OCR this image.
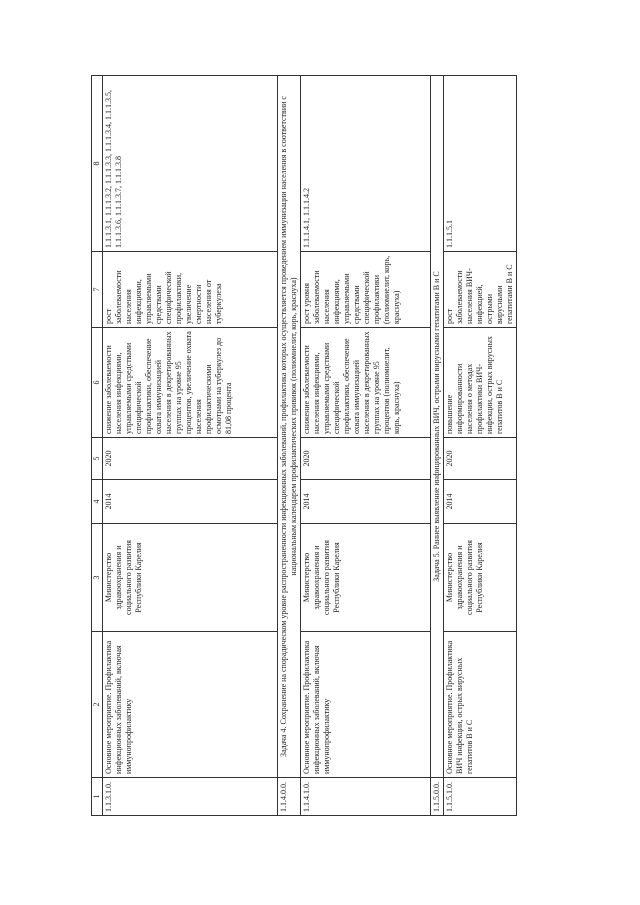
1	2	3	4	5	6	7	8
1.1.3.1.0.	Основное мероприятие. Профилактика инфекционных заболеваний, включая иммунопрофилактику	Министерство здравоохранения и социального развития Республики Карелия	2014	2020	снижение заболеваемости населения инфекциями, управляемыми средствами специфической профилактики, обеспечение охвата иммунизацией населения в декретированных группах на уровне 95 процентов, увеличение охвата населения профилактическими осмотрами на туберкулез до 81,08 процента	рост заболеваемости населения инфекциями, управляемыми средствами специфической профилактики, увеличение смертности населения от туберкулеза	1.1.1.3.1, 1.1.1.3.2, 1.1.1.3.3, 1.1.1.3.4, 1.1.1.3.5, 1.1.1.3.6, 1.1.1.3.7, 1.1.1.3.8
1.1.4.0.0.	Задача 4. Сохранение на спорадическом уровне распространенности инфекционных заболеваний, профилактика которых осуществляется проведением иммунизации населения в соответствии с национальным календарем профилактических прививок (полиомиелит, корь, краснуха)						
1.1.4.1.0.	Основное мероприятие. Профилактика инфекционных заболеваний, включая иммунопрофилактику	Министерство здравоохранения и социального развития Республики Карелия	2014	2020	снижение заболеваемости населения инфекциями, управляемыми средствами специфической профилактики, обеспечение охвата иммунизацией населения в декретированных группах на уровне 95 процентов (полиомиелит, корь, краснуха)	рост уровня заболеваемости населения инфекциями, управляемыми средствами специфической профилактики (полиомиелит, корь, краснуха)	1.1.1.4.1, 1.1.1.4.2
1.1.5.0.0.	Задача 5. Раннее выявление инфицированных ВИЧ, острыми вирусными гепатитами В и С						
1.1.5.1.0.	Основное мероприятие. Профилактика ВИЧ инфекции, острых вирусных гепатитов В и С	Министерство здравоохранения и социального развития Республики Карелия	2014	2020	повышение информированности населения о методах профилактики ВИЧ-инфекции, острых вирусных гепатитов В и С	рост заболеваемости населения ВИЧ-инфекцией, острыми вирусными гепатитами В и С	1.1.1.5.1
